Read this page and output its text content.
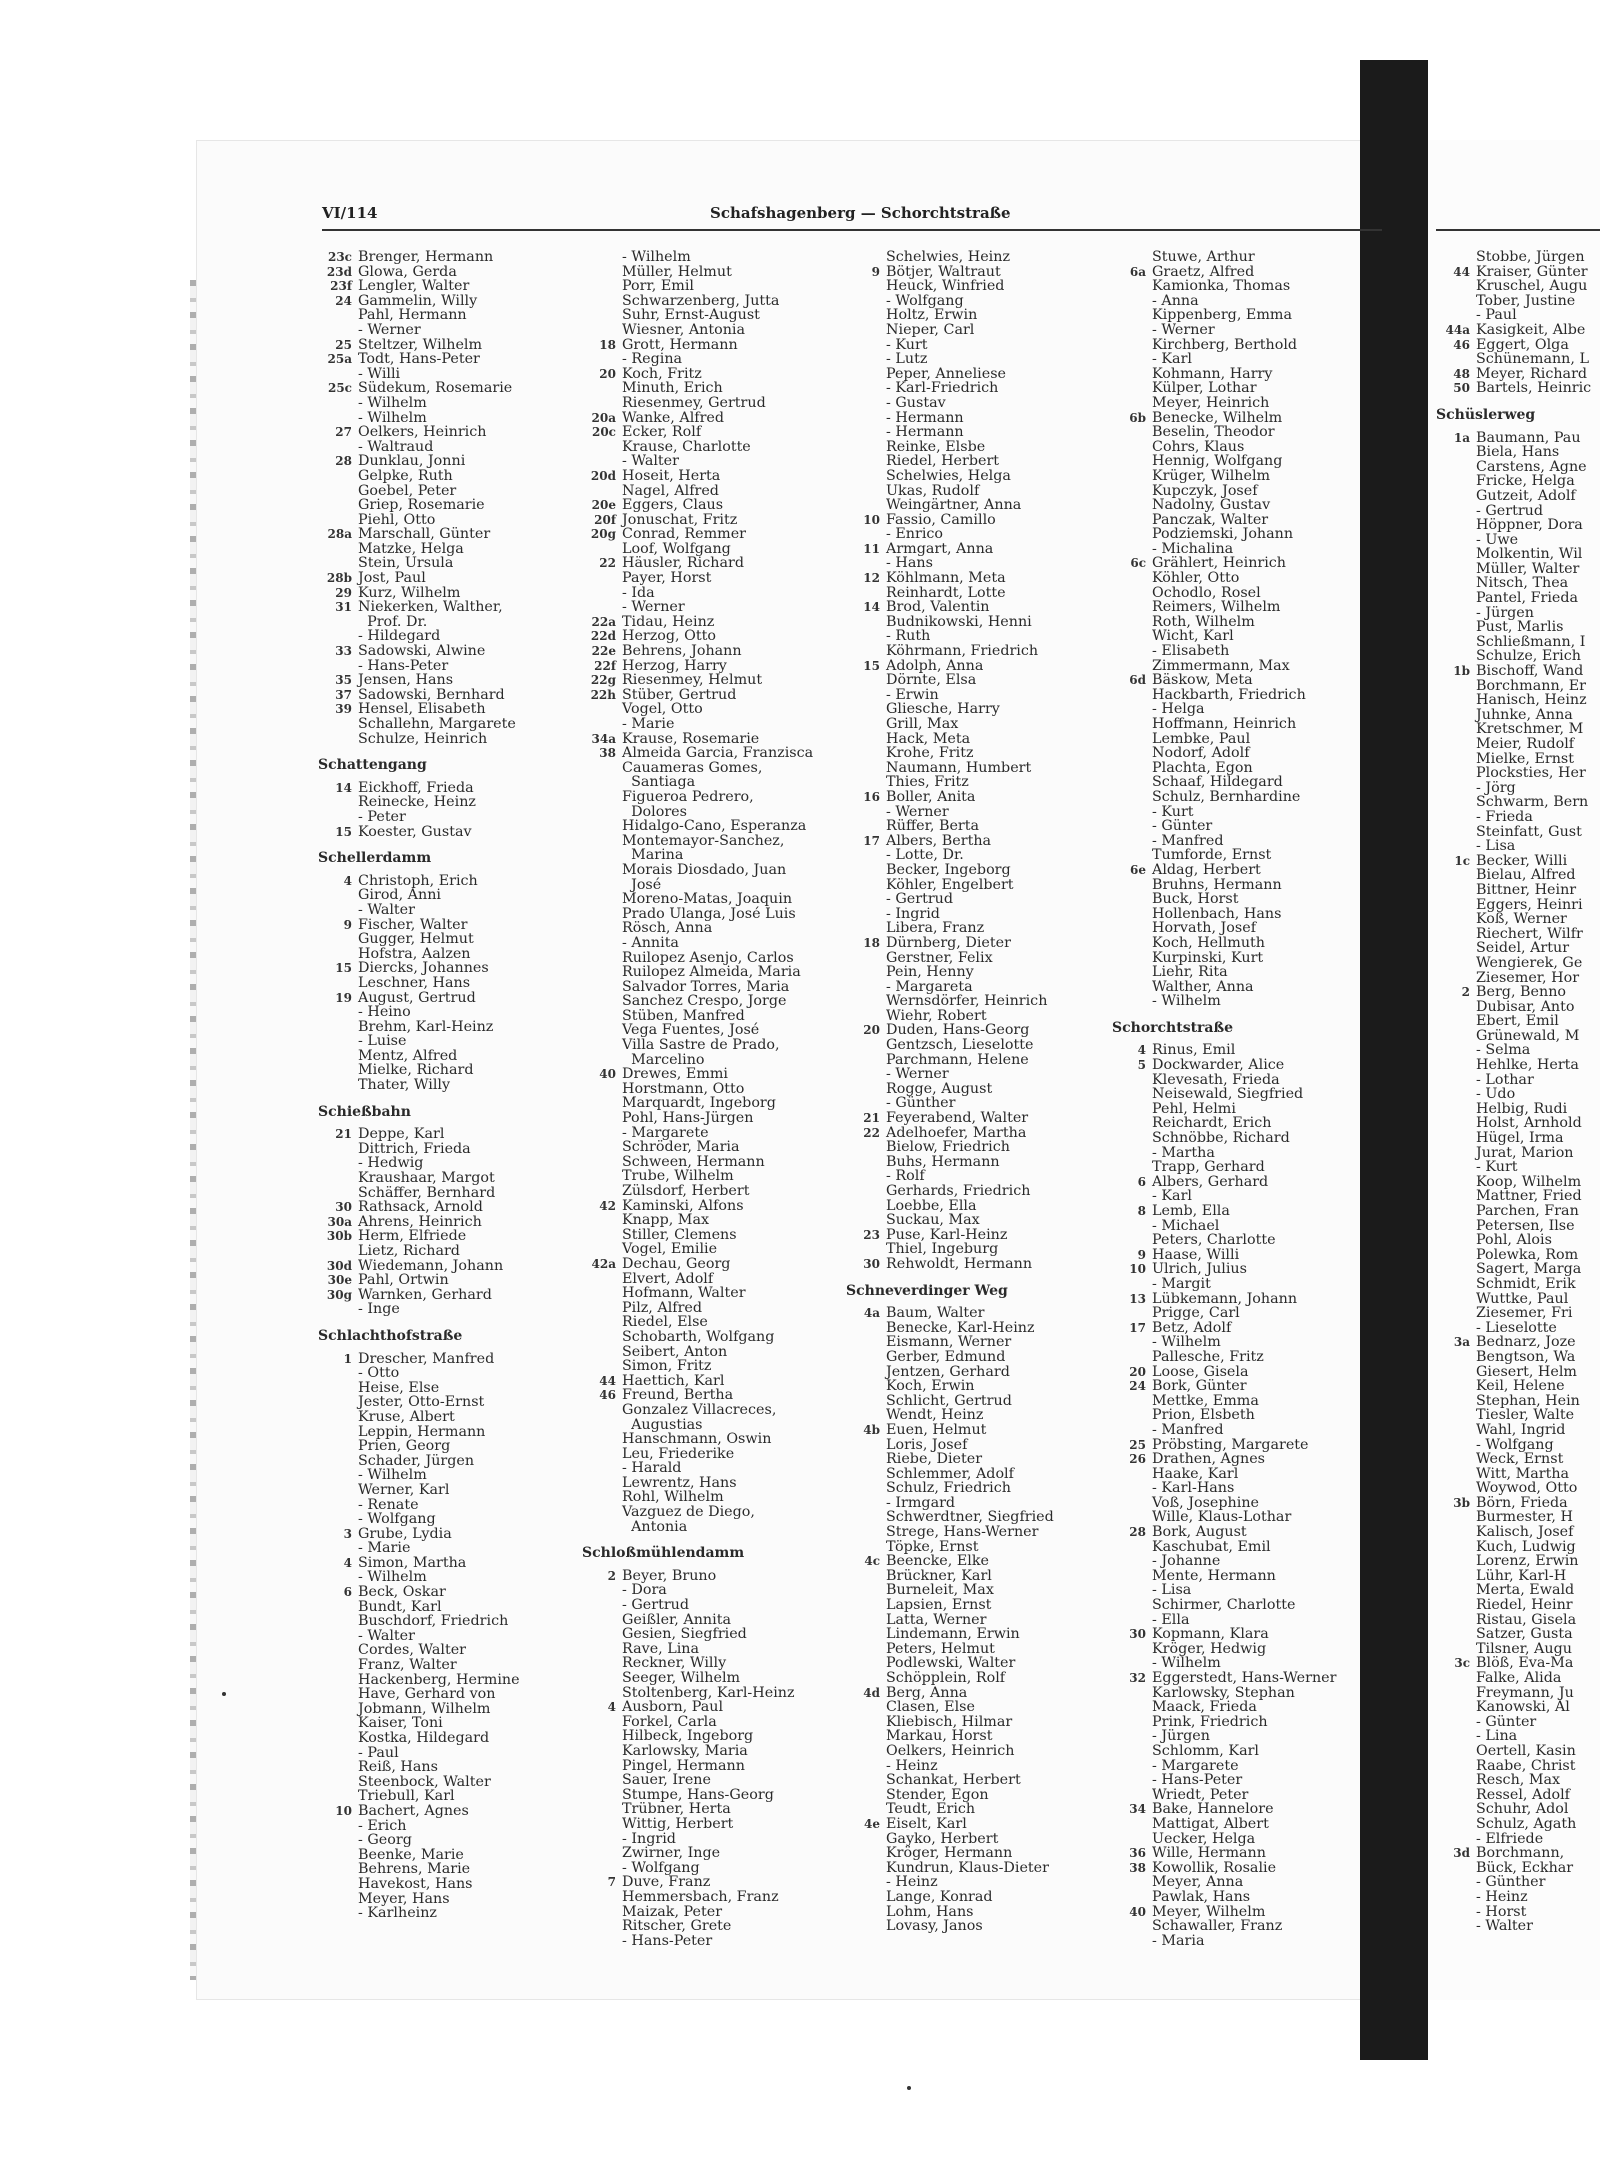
VI/114	Schafshagenberg — Schorchtstraße
23c Brenger, Hermann
23d Glowa, Gerda
23f Lengler, Walter
24 Gammelin, Willy
Pahl, Hermann
- Werner
25 Steltzer, Wilhelm
25a Todt, Hans-Peter
- Willi
25c Südekum, Rosemarie
- Wilhelm
- Wilhelm
27 Oelkers, Heinrich
- Waltraud
28 Dunklau, Jonni
Gelpke, Ruth
Goebel, Peter
Griep, Rosemarie
Piehl, Otto
28a Marschall, Günter
Matzke, Helga
Stein, Ursula
28b Jost, Paul
29 Kurz, Wilhelm
31 Niekerken, Walther,
Prof. Dr.
- Hildegard
33 Sadowski, Alwine
- Hans-Peter
35 Jensen, Hans
37 Sadowski, Bernhard
39 Hensel, Elisabeth
Schallehn, Margarete
Schulze, Heinrich
Schattengang
14 Eickhoff, Frieda
Reinecke, Heinz
- Peter
15 Koester, Gustav
Schellerdamm
4 Christoph, Erich
Girod, Anni
- Walter
9 Fischer, Walter
Gugger, Helmut
Hofstra, Aalzen
15 Diercks, Johannes
Leschner, Hans
19 August, Gertrud
- Heino
Brehm, Karl-Heinz
- Luise
Mentz, Alfred
Mielke, Richard
Thater, Willy
Schießbahn
21 Deppe, Karl
Dittrich, Frieda
- Hedwig
Kraushaar, Margot
Schäffer, Bernhard
30 Rathsack, Arnold
30a Ahrens, Heinrich
30b Herm, Elfriede
Lietz, Richard
30d Wiedemann, Johann
30e Pahl, Ortwin
30g Warnken, Gerhard
- Inge
Schlachthofstraße
1 Drescher, Manfred
- Otto
Heise, Else
Jester, Otto-Ernst
Kruse, Albert
Leppin, Hermann
Prien, Georg
Schader, Jürgen
- Wilhelm
Werner, Karl
- Renate
- Wolfgang
3 Grube, Lydia
- Marie
4 Simon, Martha
- Wilhelm
6 Beck, Oskar
Bundt, Karl
Buschdorf, Friedrich
- Walter
Cordes, Walter
Franz, Walter
Hackenberg, Hermine
Have, Gerhard von
Jobmann, Wilhelm
Kaiser, Toni
Kostka, Hildegard
- Paul
Reiß, Hans
Steenbock, Walter
Triebull, Karl
10 Bachert, Agnes
- Erich
- Georg
Beenke, Marie
Behrens, Marie
Havekost, Hans
Meyer, Hans
- Karlheinz
- Wilhelm
Müller, Helmut
Porr, Emil
Schwarzenberg, Jutta
Suhr, Ernst-August
Wiesner, Antonia
18 Grott, Hermann
- Regina
20 Koch, Fritz
Minuth, Erich
Riesenmey, Gertrud
20a Wanke, Alfred
20c Ecker, Rolf
Krause, Charlotte
- Walter
20d Hoseit, Herta
Nagel, Alfred
20e Eggers, Claus
20f Jonuschat, Fritz
20g Conrad, Remmer
Loof, Wolfgang
22 Häusler, Richard
Payer, Horst
- Ida
- Werner
22a Tidau, Heinz
22d Herzog, Otto
22e Behrens, Johann
22f Herzog, Harry
22g Riesenmey, Helmut
22h Stüber, Gertrud
Vogel, Otto
- Marie
34a Krause, Rosemarie
38 Almeida Garcia, Franzisca
Cauameras Gomes,
Santiaga
Figueroa Pedrero,
Dolores
Hidalgo-Cano, Esperanza
Montemayor-Sanchez,
Marina
Morais Diosdado, Juan
José
Moreno-Matas, Joaquin
Prado Ulanga, José Luis
Rösch, Anna
- Annita
Ruilopez Asenjo, Carlos
Ruilopez Almeida, Maria
Salvador Torres, Maria
Sanchez Crespo, Jorge
Stüben, Manfred
Vega Fuentes, José
Villa Sastre de Prado,
Marcelino
40 Drewes, Emmi
Horstmann, Otto
Marquardt, Ingeborg
Pohl, Hans-Jürgen
- Margarete
Schröder, Maria
Schween, Hermann
Trube, Wilhelm
Zülsdorf, Herbert
42 Kaminski, Alfons
Knapp, Max
Stiller, Clemens
Vogel, Emilie
42a Dechau, Georg
Elvert, Adolf
Hofmann, Walter
Pilz, Alfred
Riedel, Else
Schobarth, Wolfgang
Seibert, Anton
Simon, Fritz
44 Haettich, Karl
46 Freund, Bertha
Gonzalez Villacreces,
Augustias
Hanschmann, Oswin
Leu, Friederike
- Harald
Lewrentz, Hans
Rohl, Wilhelm
Vazguez de Diego,
Antonia
Schloßmühlendamm
2 Beyer, Bruno
- Dora
- Gertrud
Geißler, Annita
Gesien, Siegfried
Rave, Lina
Reckner, Willy
Seeger, Wilhelm
Stoltenberg, Karl-Heinz
4 Ausborn, Paul
Forkel, Carla
Hilbeck, Ingeborg
Karlowsky, Maria
Pingel, Hermann
Sauer, Irene
Stumpe, Hans-Georg
Trübner, Herta
Wittig, Herbert
- Ingrid
Zwirner, Inge
- Wolfgang
7 Duve, Franz
Hemmersbach, Franz
Maizak, Peter
Ritscher, Grete
- Hans-Peter
Schelwies, Heinz
9 Bötjer, Waltraut
Heuck, Winfried
- Wolfgang
Holtz, Erwin
Nieper, Carl
- Kurt
- Lutz
Peper, Anneliese
- Karl-Friedrich
- Gustav
- Hermann
- Hermann
Reinke, Elsbe
Riedel, Herbert
Schelwies, Helga
Ukas, Rudolf
Weingärtner, Anna
10 Fassio, Camillo
- Enrico
11 Armgart, Anna
- Hans
12 Köhlmann, Meta
Reinhardt, Lotte
14 Brod, Valentin
Budnikowski, Henni
- Ruth
Köhrmann, Friedrich
15 Adolph, Anna
Dörnte, Elsa
- Erwin
Gliesche, Harry
Grill, Max
Hack, Meta
Krohe, Fritz
Naumann, Humbert
Thies, Fritz
16 Boller, Anita
- Werner
Rüffer, Berta
17 Albers, Bertha
- Lotte, Dr.
Becker, Ingeborg
Köhler, Engelbert
- Gertrud
- Ingrid
Libera, Franz
18 Dürnberg, Dieter
Gerstner, Felix
Pein, Henny
- Margareta
Wernsdörfer, Heinrich
Wiehr, Robert
20 Duden, Hans-Georg
Gentzsch, Lieselotte
Parchmann, Helene
- Werner
Rogge, August
- Günther
21 Feyerabend, Walter
22 Adelhoefer, Martha
Bielow, Friedrich
Buhs, Hermann
- Rolf
Gerhards, Friedrich
Loebbe, Ella
Suckau, Max
23 Puse, Karl-Heinz
Thiel, Ingeburg
30 Rehwoldt, Hermann
Schneverdinger Weg
4a Baum, Walter
Benecke, Karl-Heinz
Eismann, Werner
Gerber, Edmund
Jentzen, Gerhard
Koch, Erwin
Schlicht, Gertrud
Wendt, Heinz
4b Euen, Helmut
Loris, Josef
Riebe, Dieter
Schlemmer, Adolf
Schulz, Friedrich
- Irmgard
Schwerdtner, Siegfried
Strege, Hans-Werner
Töpke, Ernst
4c Beencke, Elke
Brückner, Karl
Burneleit, Max
Lapsien, Ernst
Latta, Werner
Lindemann, Erwin
Peters, Helmut
Podlewski, Walter
Schöpplein, Rolf
4d Berg, Anna
Clasen, Else
Kliebisch, Hilmar
Markau, Horst
Oelkers, Heinrich
- Heinz
Schankat, Herbert
Stender, Egon
Teudt, Erich
4e Eiselt, Karl
Gayko, Herbert
Kröger, Hermann
Kundrun, Klaus-Dieter
- Heinz
Lange, Konrad
Lohm, Hans
Lovasy, Janos
Stuwe, Arthur
6a Graetz, Alfred
Kamionka, Thomas
- Anna
Kippenberg, Emma
- Werner
Kirchberg, Berthold
- Karl
Kohmann, Harry
Külper, Lothar
Meyer, Heinrich
6b Benecke, Wilhelm
Beselin, Theodor
Cohrs, Klaus
Hennig, Wolfgang
Krüger, Wilhelm
Kupczyk, Josef
Nadolny, Gustav
Panczak, Walter
Podziemski, Johann
- Michalina
6c Grählert, Heinrich
Köhler, Otto
Ochodlo, Rosel
Reimers, Wilhelm
Roth, Wilhelm
Wicht, Karl
- Elisabeth
Zimmermann, Max
6d Bäskow, Meta
Hackbarth, Friedrich
- Helga
Hoffmann, Heinrich
Lembke, Paul
Nodorf, Adolf
Plachta, Egon
Schaaf, Hildegard
Schulz, Bernhardine
- Kurt
- Günter
- Manfred
Tumforde, Ernst
6e Aldag, Herbert
Bruhns, Hermann
Buck, Horst
Hollenbach, Hans
Horvath, Josef
Koch, Hellmuth
Kurpinski, Kurt
Liehr, Rita
Walther, Anna
- Wilhelm
Schorchtstraße
4 Rinus, Emil
5 Dockwarder, Alice
Klevesath, Frieda
Neisewald, Siegfried
Pehl, Helmi
Reichardt, Erich
Schnöbbe, Richard
- Martha
Trapp, Gerhard
6 Albers, Gerhard
- Karl
8 Lemb, Ella
- Michael
Peters, Charlotte
9 Haase, Willi
10 Ulrich, Julius
- Margit
13 Lübkemann, Johann
Prigge, Carl
17 Betz, Adolf
- Wilhelm
Pallesche, Fritz
20 Loose, Gisela
24 Bork, Günter
Mettke, Emma
Prion, Elsbeth
- Manfred
25 Pröbsting, Margarete
26 Drathen, Agnes
Haake, Karl
- Karl-Hans
Voß, Josephine
Wille, Klaus-Lothar
28 Bork, August
Kaschubat, Emil
- Johanne
Mente, Hermann
- Lisa
Schirmer, Charlotte
- Ella
30 Kopmann, Klara
Kröger, Hedwig
- Wilhelm
32 Eggerstedt, Hans-Werner
Karlowsky, Stephan
Maack, Frieda
Prink, Friedrich
- Jürgen
Schlomm, Karl
- Margarete
- Hans-Peter
Wriedt, Peter
34 Bake, Hannelore
Mattigat, Albert
Uecker, Helga
36 Wille, Hermann
38 Kowollik, Rosalie
Meyer, Anna
Pawlak, Hans
40 Meyer, Wilhelm
Schawaller, Franz
- Maria
Stobbe, Jürgen
44 Kraiser, Günter
Kruschel, Augu
Tober, Justine
- Paul
44a Kasigkeit, Albe
46 Eggert, Olga
Schünemann, L
48 Meyer, Richard
50 Bartels, Heinric
Schüslerweg
1a Baumann, Pau
Biela, Hans
Carstens, Agne
Fricke, Helga
Gutzeit, Adolf
- Gertrud
Höppner, Dora
- Uwe
Molkentin, Wil
Müller, Walter
Nitsch, Thea
Pantel, Frieda
- Jürgen
Pust, Marlis
Schließmann, I
Schulze, Erich
1b Bischoff, Wand
Borchmann, Er
Hanisch, Heinz
Juhnke, Anna
Kretschmer, M
Meier, Rudolf
Mielke, Ernst
Plocksties, Her
- Jörg
Schwarm, Bern
- Frieda
Steinfatt, Gust
- Lisa
1c Becker, Willi
Bielau, Alfred
Bittner, Heinr
Eggers, Heinri
Koß, Werner
Riechert, Wilfr
Seidel, Artur
Wengierek, Ge
Ziesemer, Hor
2 Berg, Benno
Dubisar, Anto
Ebert, Emil
Grünewald, M
- Selma
Hehlke, Herta
- Lothar
- Udo
Helbig, Rudi
Holst, Arnhold
Hügel, Irma
Jurat, Marion
- Kurt
Koop, Wilhelm
Mattner, Fried
Parchen, Fran
Petersen, Ilse
Pohl, Alois
Polewka, Rom
Sagert, Marga
Schmidt, Erik
Wuttke, Paul
Ziesemer, Fri
- Lieselotte
3a Bednarz, Joze
Bengtson, Wa
Giesert, Helm
Keil, Helene
Stephan, Hein
Tiesler, Walte
Wahl, Ingrid
- Wolfgang
Weck, Ernst
Witt, Martha
Woywod, Otto
3b Börn, Frieda
Burmester, H
Kalisch, Josef
Kuch, Ludwig
Lorenz, Erwin
Lühr, Karl-H
Merta, Ewald
Riedel, Heinr
Ristau, Gisela
Satzer, Gusta
Tilsner, Augu
3c Blöß, Eva-Ma
Falke, Alida
Freymann, Ju
Kanowski, Al
- Günter
- Lina
Oertell, Kasin
Raabe, Christ
Resch, Max
Ressel, Adolf
Schuhr, Adol
Schulz, Agath
- Elfriede
3d Borchmann,
Bück, Eckhar
- Günther
- Heinz
- Horst
- Walter
